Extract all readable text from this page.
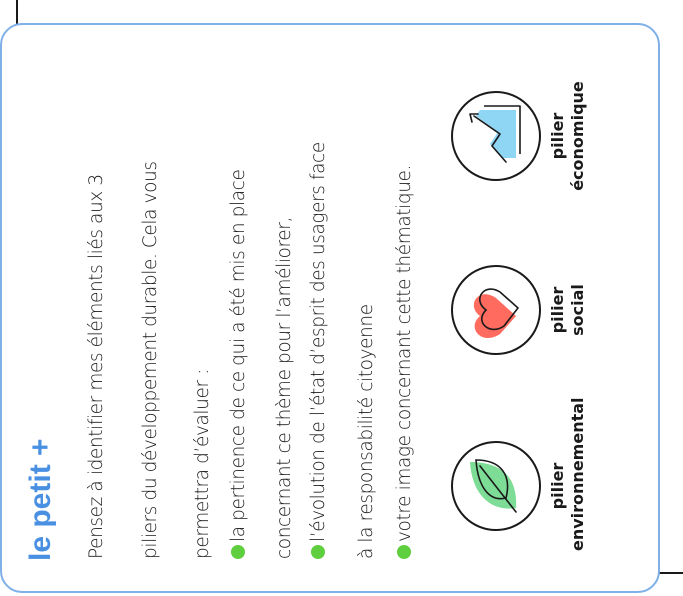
le petit + Pensez à identifier mes éléments liés aux 3 piliers du développement durable. Cela vous permettra d’évaluer : la pertinence de ce qui a été mis en place concernant ce thème pour l’améliorer, l’évolution de l’état d’esprit des usagers face à la responsabilité citoyenne votre image concernant cette thématique.	pilier
environnemental
pilier
social
pilier
économique
